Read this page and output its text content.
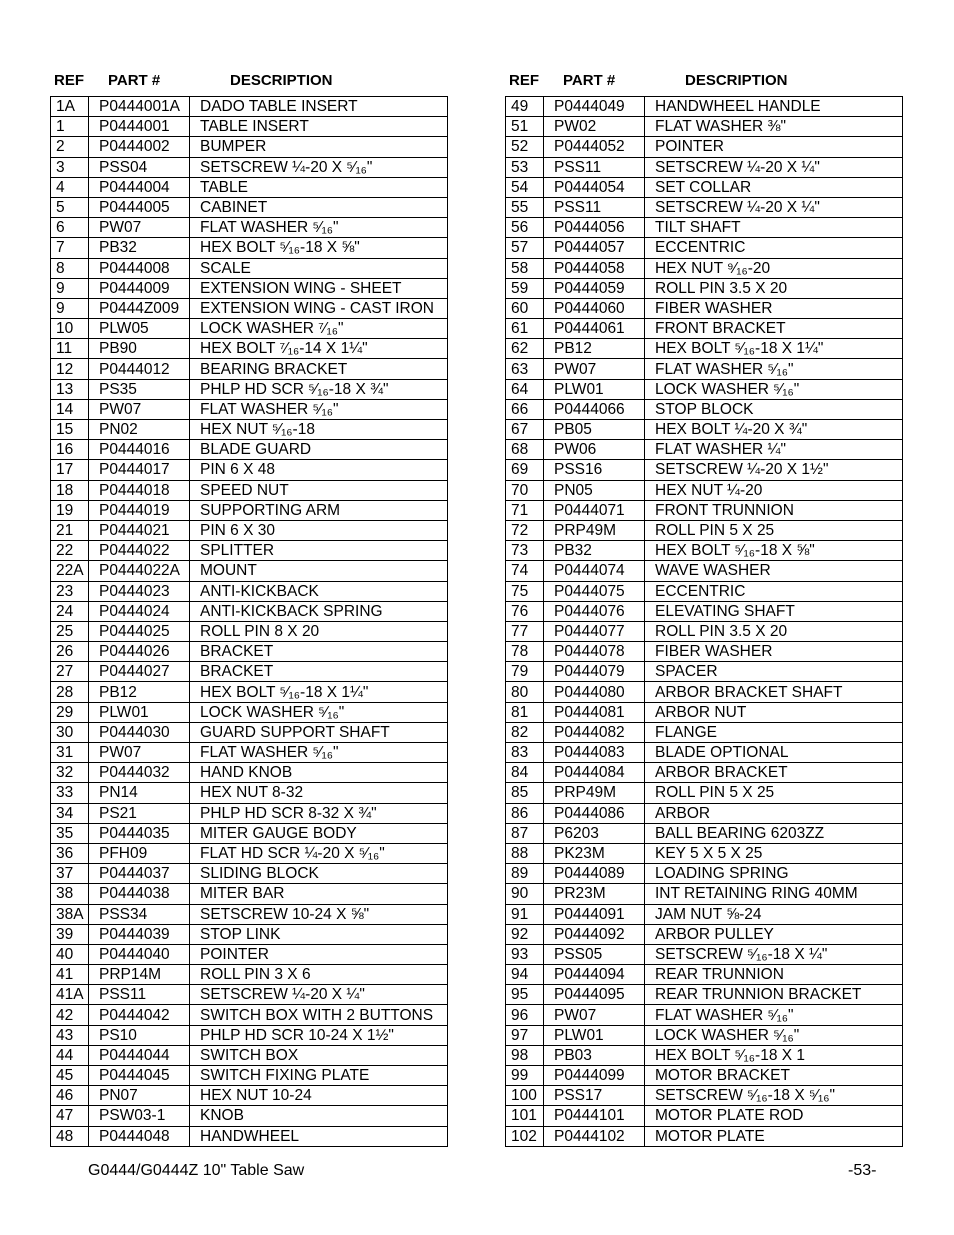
REF PART #	DESCRIPTION
1A	P0444001A	DADO TABLE INSERT
1	P0444001	TABLE INSERT
2	P0444002	BUMPER
3	PSS04	SETSCREW ¼-20 X ⁵⁄₁₆"
4	P0444004	TABLE
5	P0444005	CABINET
6	PW07	FLAT WASHER ⁵⁄₁₆"
7	PB32	HEX BOLT ⁵⁄₁₆-18 X ⅝"
8	P0444008	SCALE
9	P0444009	EXTENSION WING - SHEET
9	P0444Z009	EXTENSION WING - CAST IRON
10	PLW05	LOCK WASHER ⁷⁄₁₆"
11	PB90	HEX BOLT ⁷⁄₁₆-14 X 1¼"
12	P0444012	BEARING BRACKET
13	PS35	PHLP HD SCR ⁵⁄₁₆-18 X ¾"
14	PW07	FLAT WASHER ⁵⁄₁₆"
15	PN02	HEX NUT ⁵⁄₁₆-18
16	P0444016	BLADE GUARD
17	P0444017	PIN 6 X 48
18	P0444018	SPEED NUT
19	P0444019	SUPPORTING ARM
21	P0444021	PIN 6 X 30
22	P0444022	SPLITTER
22A	P0444022A	MOUNT
23	P0444023	ANTI-KICKBACK
24	P0444024	ANTI-KICKBACK SPRING
25	P0444025	ROLL PIN 8 X 20
26	P0444026	BRACKET
27	P0444027	BRACKET
28	PB12	HEX BOLT ⁵⁄₁₆-18 X 1¼"
29	PLW01	LOCK WASHER ⁵⁄₁₆"
30	P0444030	GUARD SUPPORT SHAFT
31	PW07	FLAT WASHER ⁵⁄₁₆"
32	P0444032	HAND KNOB
33	PN14	HEX NUT 8-32
34	PS21	PHLP HD SCR 8-32 X ¾"
35	P0444035	MITER GAUGE BODY
36	PFH09	FLAT HD SCR ¼-20 X ⁵⁄₁₆"
37	P0444037	SLIDING BLOCK
38	P0444038	MITER BAR
38A	PSS34	SETSCREW 10-24 X ⅝"
39	P0444039	STOP LINK
40	P0444040	POINTER
41	PRP14M	ROLL PIN 3 X 6
41A	PSS11	SETSCREW ¼-20 X ¼"
42	P0444042	SWITCH BOX WITH 2 BUTTONS
43	PS10	PHLP HD SCR 10-24 X 1½"
44	P0444044	SWITCH BOX
45	P0444045	SWITCH FIXING PLATE
46	PN07	HEX NUT 10-24
47	PSW03-1	KNOB
48	P0444048	HANDWHEEL
REF PART #	DESCRIPTION
49	P0444049	HANDWHEEL HANDLE
51	PW02	FLAT WASHER ⅜"
52	P0444052	POINTER
53	PSS11	SETSCREW ¼-20 X ¼"
54	P0444054	SET COLLAR
55	PSS11	SETSCREW ¼-20 X ¼"
56	P0444056	TILT SHAFT
57	P0444057	ECCENTRIC
58	P0444058	HEX NUT ⁹⁄₁₆-20
59	P0444059	ROLL PIN 3.5 X 20
60	P0444060	FIBER WASHER
61	P0444061	FRONT BRACKET
62	PB12	HEX BOLT ⁵⁄₁₆-18 X 1¼"
63	PW07	FLAT WASHER ⁵⁄₁₆"
64	PLW01	LOCK WASHER ⁵⁄₁₆"
66	P0444066	STOP BLOCK
67	PB05	HEX BOLT ¼-20 X ¾"
68	PW06	FLAT WASHER ¼"
69	PSS16	SETSCREW ¼-20 X 1½"
70	PN05	HEX NUT ¼-20
71	P0444071	FRONT TRUNNION
72	PRP49M	ROLL PIN 5 X 25
73	PB32	HEX BOLT ⁵⁄₁₆-18 X ⅝"
74	P0444074	WAVE WASHER
75	P0444075	ECCENTRIC
76	P0444076	ELEVATING SHAFT
77	P0444077	ROLL PIN 3.5 X 20
78	P0444078	FIBER WASHER
79	P0444079	SPACER
80	P0444080	ARBOR BRACKET SHAFT
81	P0444081	ARBOR NUT
82	P0444082	FLANGE
83	P0444083	BLADE OPTIONAL
84	P0444084	ARBOR BRACKET
85	PRP49M	ROLL PIN 5 X 25
86	P0444086	ARBOR
87	P6203	BALL BEARING 6203ZZ
88	PK23M	KEY 5 X 5 X 25
89	P0444089	LOADING SPRING
90	PR23M	INT RETAINING RING 40MM
91	P0444091	JAM NUT ⅝-24
92	P0444092	ARBOR PULLEY
93	PSS05	SETSCREW ⁵⁄₁₆-18 X ¼"
94	P0444094	REAR TRUNNION
95	P0444095	REAR TRUNNION BRACKET
96	PW07	FLAT WASHER ⁵⁄₁₆"
97	PLW01	LOCK WASHER ⁵⁄₁₆"
98	PB03	HEX BOLT ⁵⁄₁₆-18 X 1
99	P0444099	MOTOR BRACKET
100	PSS17	SETSCREW ⁵⁄₁₆-18 X ⁵⁄₁₆"
101	P0444101	MOTOR PLATE ROD
102	P0444102	MOTOR PLATE
G0444/G0444Z 10" Table Saw	-53-
